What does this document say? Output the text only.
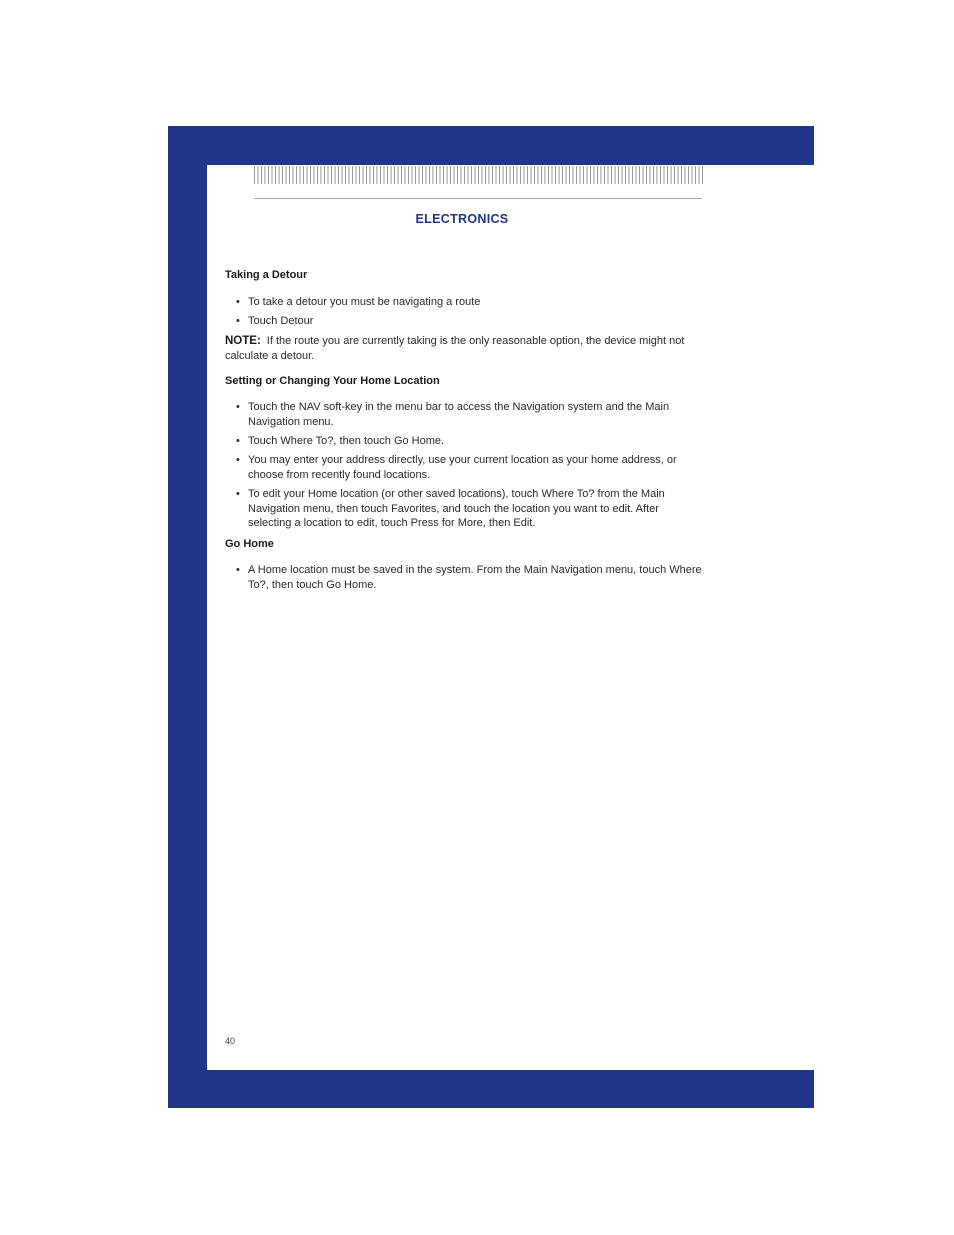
ELECTRONICS
Taking a Detour
• To take a detour you must be navigating a route
• Touch Detour

NOTE: If the route you are currently taking is the only reasonable option, the device might not calculate a detour.

Setting or Changing Your Home Location
• Touch the NAV soft-key in the menu bar to access the Navigation system and the Main Navigation menu.
• Touch Where To?, then touch Go Home.
• You may enter your address directly, use your current location as your home address, or choose from recently found locations.
• To edit your Home location (or other saved locations), touch Where To? from the Main Navigation menu, then touch Favorites, and touch the location you want to edit. After selecting a location to edit, touch Press for More, then Edit.
Go Home
• A Home location must be saved in the system. From the Main Navigation menu, touch Where To?, then touch Go Home.
40
